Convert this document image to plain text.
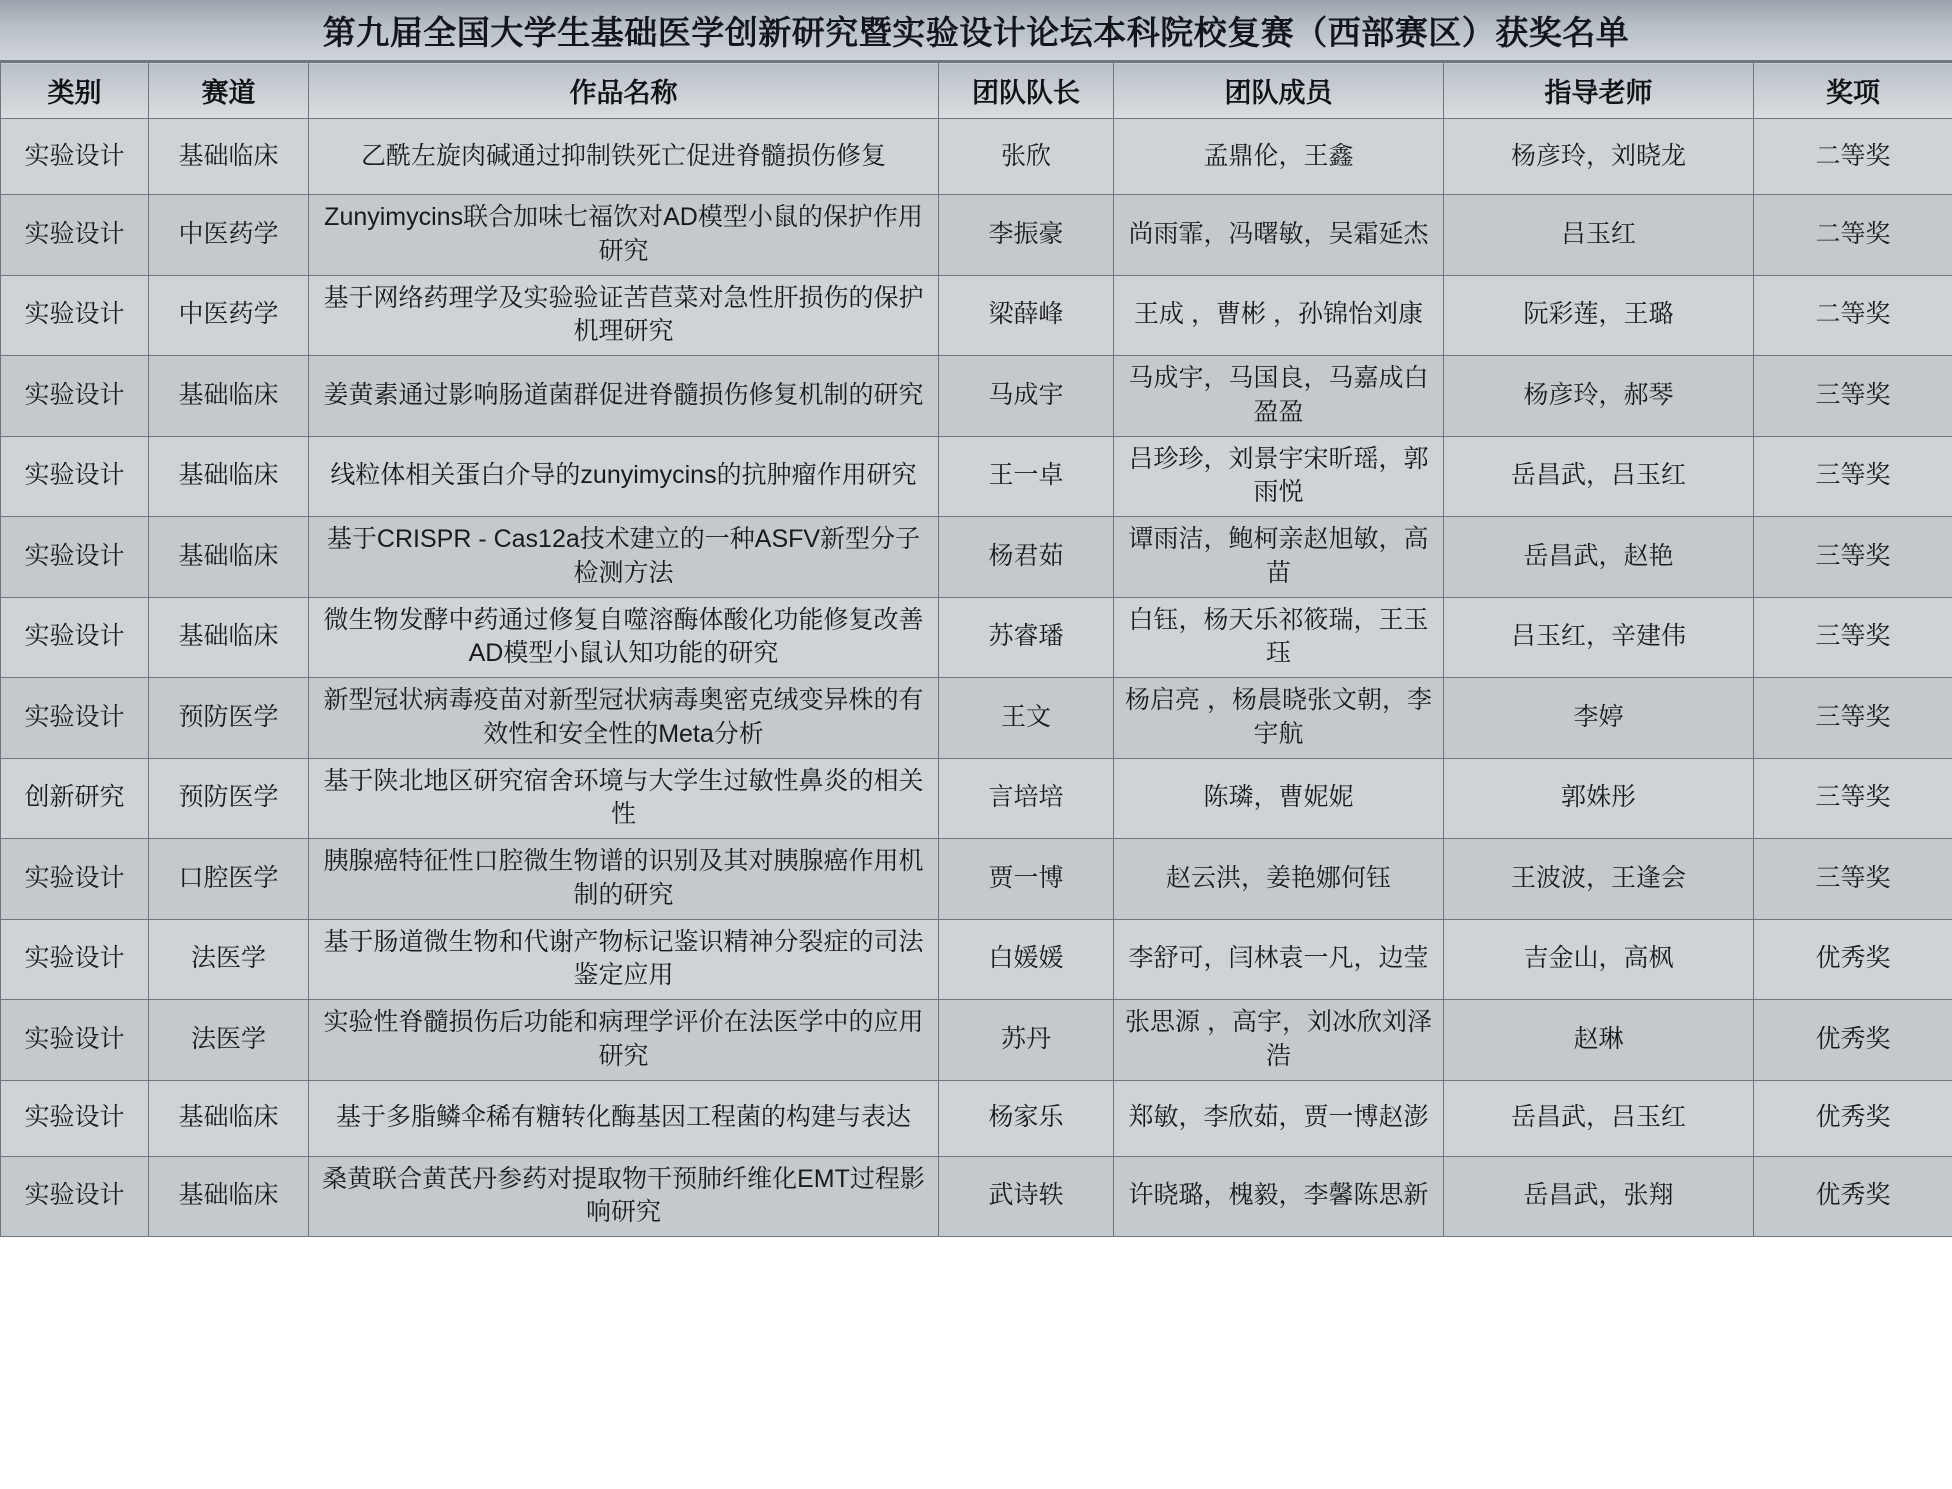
第九届全国大学生基础医学创新研究暨实验设计论坛本科院校复赛（西部赛区）获奖名单
类别	赛道	作品名称	团队队长	团队成员	指导老师	奖项
实验设计	基础临床	乙酰左旋肉碱通过抑制铁死亡促进脊髓损伤修复	张欣	孟鼎伦，王鑫	杨彦玲，刘晓龙	二等奖
实验设计	中医药学	Zunyimycins联合加味七福饮对AD模型小鼠的保护作用研究	李振豪	尚雨霏，冯曙敏，吴霜延杰	吕玉红	二等奖
实验设计	中医药学	基于网络药理学及实验验证苦苣菜对急性肝损伤的保护机理研究	梁薛峰	王成 ，曹彬 ，孙锦怡刘康	阮彩莲，王璐	二等奖
实验设计	基础临床	姜黄素通过影响肠道菌群促进脊髓损伤修复机制的研究	马成宇	马成宇，马国良，马嘉成白盈盈	杨彦玲，郝琴	三等奖
实验设计	基础临床	线粒体相关蛋白介导的zunyimycins的抗肿瘤作用研究	王一卓	吕珍珍，刘景宇宋昕瑶，郭雨悦	岳昌武，吕玉红	三等奖
实验设计	基础临床	基于CRISPR - Cas12a技术建立的一种ASFV新型分子检测方法	杨君茹	谭雨洁，鲍柯亲赵旭敏，高苗	岳昌武，赵艳	三等奖
实验设计	基础临床	微生物发酵中药通过修复自噬溶酶体酸化功能修复改善AD模型小鼠认知功能的研究	苏睿璠	白钰，杨天乐祁筱瑞，王玉珏	吕玉红，辛建伟	三等奖
实验设计	预防医学	新型冠状病毒疫苗对新型冠状病毒奥密克绒变异株的有效性和安全性的Meta分析	王文	杨启亮 ，杨晨晓张文朝，李宇航	李婷	三等奖
创新研究	预防医学	基于陕北地区研究宿舍环境与大学生过敏性鼻炎的相关性	言培培	陈璘，曹妮妮	郭姝彤	三等奖
实验设计	口腔医学	胰腺癌特征性口腔微生物谱的识别及其对胰腺癌作用机制的研究	贾一博	赵云洪，姜艳娜何钰	王波波，王逢会	三等奖
实验设计	法医学	基于肠道微生物和代谢产物标记鉴识精神分裂症的司法鉴定应用	白媛媛	李舒可，闫林袁一凡，边莹	吉金山，高枫	优秀奖
实验设计	法医学	实验性脊髓损伤后功能和病理学评价在法医学中的应用研究	苏丹	张思源 ，高宇，刘冰欣刘泽浩	赵琳	优秀奖
实验设计	基础临床	基于多脂鳞伞稀有糖转化酶基因工程菌的构建与表达	杨家乐	郑敏，李欣茹，贾一博赵澎	岳昌武，吕玉红	优秀奖
实验设计	基础临床	桑黄联合黄芪丹参药对提取物干预肺纤维化EMT过程影响研究	武诗轶	许晓璐，槐毅，李馨陈思新	岳昌武，张翔	优秀奖
